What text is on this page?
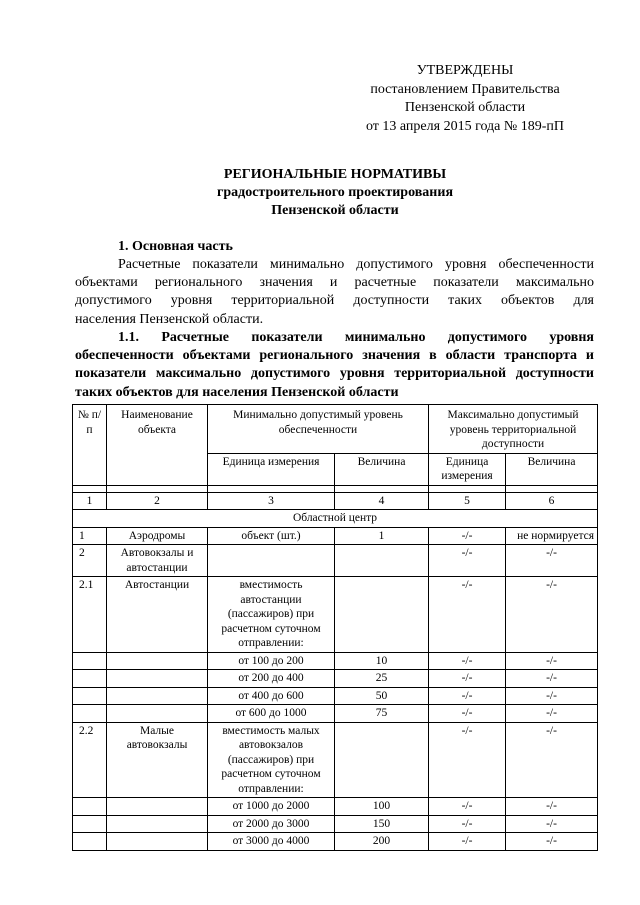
УТВЕРЖДЕНЫ
постановлением Правительства
Пензенской области
от 13 апреля 2015 года № 189-пП
РЕГИОНАЛЬНЫЕ НОРМАТИВЫ
градостроительного проектирования
Пензенской области
1. Основная часть
Расчетные показатели минимально допустимого уровня обеспеченности
объектами регионального значения и расчетные показатели максимально
допустимого уровня территориальной доступности таких объектов для
населения Пензенской области.
1.1. Расчетные показатели минимально допустимого уровня
обеспеченности объектами регионального значения в области транспорта и
показатели максимально допустимого уровня территориальной доступности
таких объектов для населения Пензенской области
№ п/п	Наименование объекта	Минимально допустимый уровень обеспеченности		Максимально допустимый уровень территориальной доступности	
		Единица измерения	Величина	Единица измерения	Величина

1	2	3	4	5	6
Областной центр					
1	Аэродромы	объект (шт.)	1	-/-	не нормируется
2	Автовокзалы и автостанции			-/-	-/-
2.1	Автостанции	вместимость автостанции (пассажиров) при расчетном суточном отправлении:		-/-	-/-
		от 100 до 200	10	-/-	-/-
		от 200 до 400	25	-/-	-/-
		от 400 до 600	50	-/-	-/-
		от 600 до 1000	75	-/-	-/-
2.2	Малые автовокзалы	вместимость малых автовокзалов (пассажиров) при расчетном суточном отправлении:		-/-	-/-
		от 1000 до 2000	100	-/-	-/-
		от 2000 до 3000	150	-/-	-/-
		от 3000 до 4000	200	-/-	-/-
